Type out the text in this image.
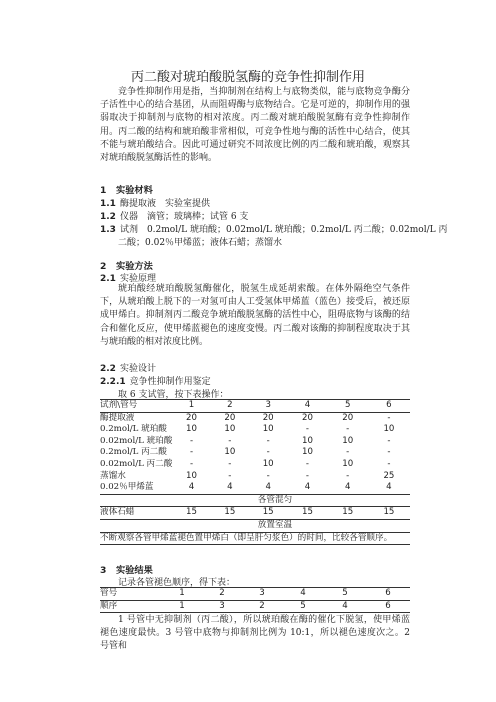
丙二酸对琥珀酸脱氢酶的竞争性抑制作用
竞争性抑制作用是指，当抑制剂在结构上与底物类似，能与底物竞争酶分子活性中心的结合基团，从而阻碍酶与底物结合。它是可逆的，抑制作用的强弱取决于抑制剂与底物的相对浓度。丙二酸对琥珀酸脱氢酶有竞争性抑制作用。丙二酸的结构和琥珀酸非常相似，可竞争性地与酶的活性中心结合，使其不能与琥珀酸结合。因此可通过研究不同浓度比例的丙二酸和琥珀酸，观察其对琥珀酸脱氢酶活性的影响。
1 实验材料
1.1 酶提取液　实验室提供
1.2 仪器　滴管；玻璃棒；试管 6 支
1.3 试剂　0.2mol/L 琥珀酸；0.02mol/L 琥珀酸；0.2mol/L 丙二酸；0.02mol/L 丙
二酸；0.02％甲烯蓝；液体石蜡；蒸馏水
2 实验方法
2.1 实验原理
琥珀酸经琥珀酸脱氢酶催化，脱氢生成延胡索酸。在体外隔绝空气条件下，从琥珀酸上脱下的一对氢可由人工受氢体甲烯蓝（蓝色）接受后，被还原成甲烯白。抑制剂丙二酸竞争琥珀酸脱氢酶的活性中心，阻碍底物与该酶的结合和催化反应，使甲烯蓝褪色的速度变慢。丙二酸对该酶的抑制程度取决于其与琥珀酸的相对浓度比例。
2.2 实验设计
2.2.1 竞争性抑制作用鉴定
取 6 支试管，按下表操作：
试剂\管号	1	2	3	4	5	6
酶提取液	20	20	20	20	20	-
0.2mol/L 琥珀酸	10	10	10	-	-	10
0.02mol/L 琥珀酸	-	-	-	10	10	-
0.2mol/L 丙二酸	-	10	-	10	-	-
0.02mol/L 丙二酸	-	-	10	-	10	-
蒸馏水	10	-	-	-	-	25
0.02％甲烯蓝	4	4	4	4	4	4
各管混匀						
液体石蜡	15	15	15	15	15	15
放置室温						
不断观察各管甲烯蓝褪色置甲烯白（即呈肝匀浆色）的时间，比较各管顺序。						
3 实验结果
记录各管褪色顺序，得下表：
管号	1	2	3	4	5	6
顺序	1	3	2	5	4	6
1 号管中无抑制剂（丙二酸），所以琥珀酸在酶的催化下脱氢，使甲烯蓝褪色速度最快。3 号管中底物与抑制剂比例为 10:1，所以褪色速度次之。2 号管和
